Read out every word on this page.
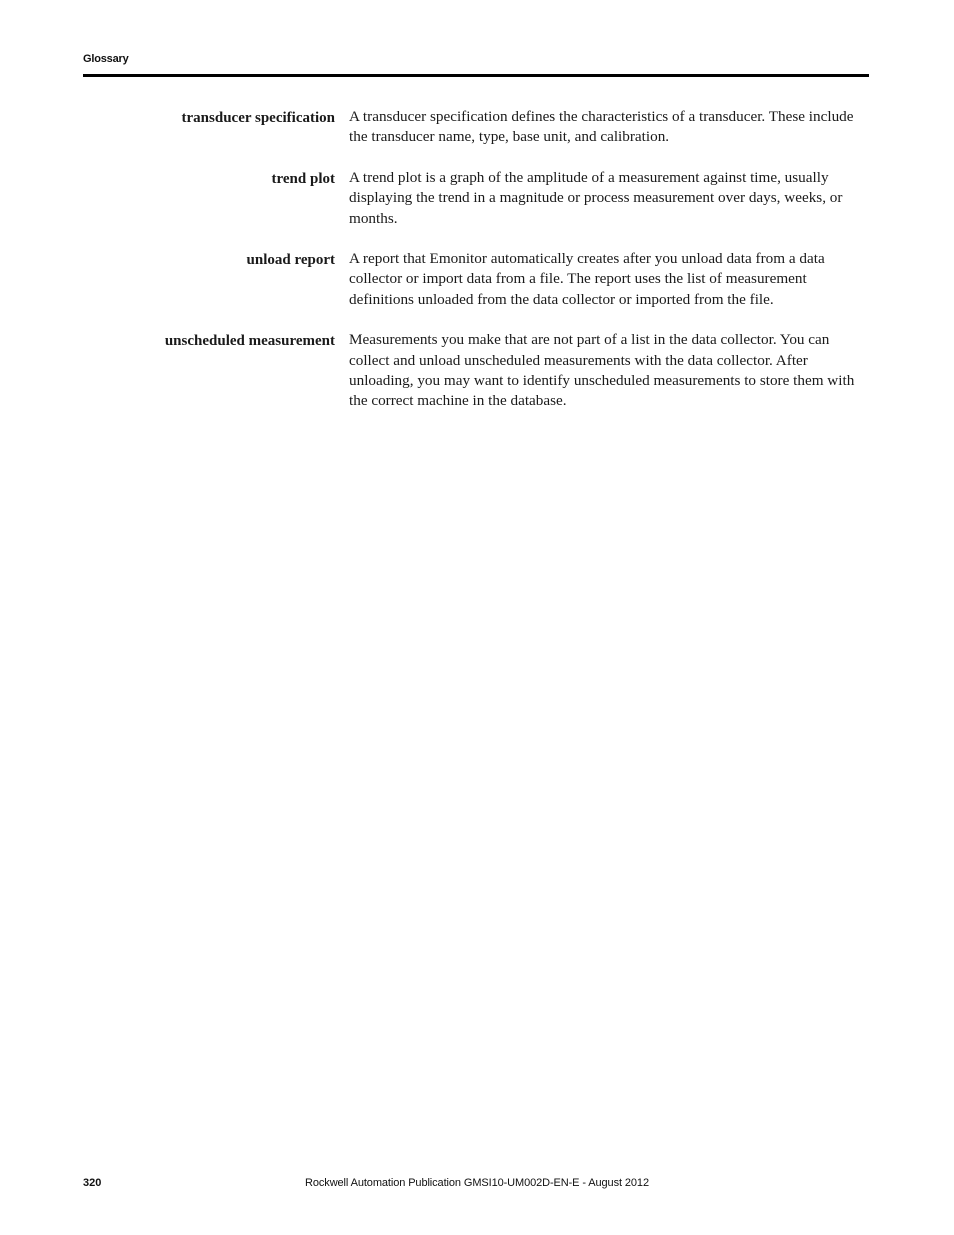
Glossary
transducer specification A transducer specification defines the characteristics of a transducer. These include the transducer name, type, base unit, and calibration.
trend plot A trend plot is a graph of the amplitude of a measurement against time, usually displaying the trend in a magnitude or process measurement over days, weeks, or months.
unload report A report that Emonitor automatically creates after you unload data from a data collector or import data from a file. The report uses the list of measurement definitions unloaded from the data collector or imported from the file.
unscheduled measurement Measurements you make that are not part of a list in the data collector. You can collect and unload unscheduled measurements with the data collector. After unloading, you may want to identify unscheduled measurements to store them with the correct machine in the database.
Rockwell Automation Publication GMSI10-UM002D-EN-E - August 2012
320
